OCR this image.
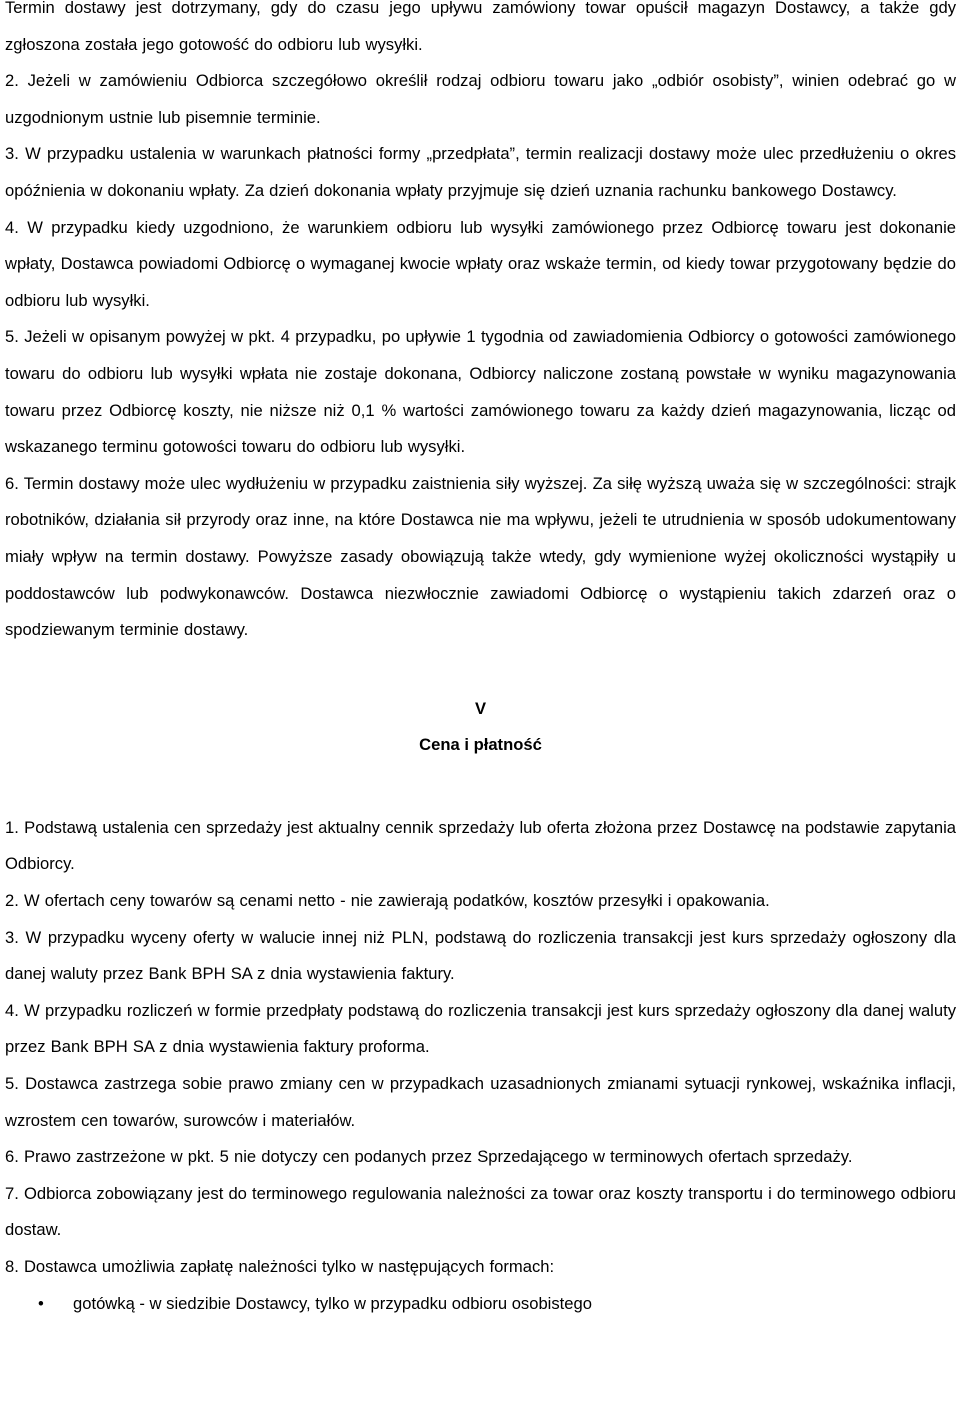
Termin dostawy jest dotrzymany, gdy do czasu jego upływu zamówiony towar opuścił magazyn Dostawcy, a także gdy zgłoszona została jego gotowość do odbioru lub wysyłki.

2. Jeżeli w zamówieniu Odbiorca szczegółowo określił rodzaj odbioru towaru jako „odbiór osobisty”, winien odebrać go w uzgodnionym ustnie lub pisemnie terminie.

3. W przypadku ustalenia w warunkach płatności formy „przedpłata”, termin realizacji dostawy może ulec przedłużeniu o okres opóźnienia w dokonaniu wpłaty. Za dzień dokonania wpłaty przyjmuje się dzień uznania rachunku bankowego Dostawcy.

4. W przypadku kiedy uzgodniono, że warunkiem odbioru lub wysyłki zamówionego przez Odbiorcę towaru jest dokonanie wpłaty, Dostawca powiadomi Odbiorcę o wymaganej kwocie wpłaty oraz wskaże termin, od kiedy towar przygotowany będzie do odbioru lub wysyłki.

5. Jeżeli w opisanym powyżej w pkt. 4 przypadku, po upływie 1 tygodnia od zawiadomienia Odbiorcy o gotowości zamówionego towaru do odbioru lub wysyłki wpłata nie zostaje dokonana, Odbiorcy naliczone zostaną powstałe w wyniku magazynowania towaru przez Odbiorcę koszty, nie niższe niż 0,1 % wartości zamówionego towaru za każdy dzień magazynowania, licząc od wskazanego terminu gotowości towaru do odbioru lub wysyłki.

6. Termin dostawy może ulec wydłużeniu w przypadku zaistnienia siły wyższej. Za siłę wyższą uważa się w szczególności: strajk robotników, działania sił przyrody oraz inne, na które Dostawca nie ma wpływu, jeżeli te utrudnienia w sposób udokumentowany miały wpływ na termin dostawy. Powyższe zasady obowiązują także wtedy, gdy wymienione wyżej okoliczności wystąpiły u poddostawców lub podwykonawców. Dostawca niezwłocznie zawiadomi Odbiorcę o wystąpieniu takich zdarzeń oraz o spodziewanym terminie dostawy.

V

Cena i płatność

1. Podstawą ustalenia cen sprzedaży jest aktualny cennik sprzedaży lub oferta złożona przez Dostawcę na podstawie zapytania Odbiorcy.

2. W ofertach ceny towarów są cenami netto - nie zawierają podatków, kosztów przesyłki i opakowania.

3. W przypadku wyceny oferty w walucie innej niż PLN, podstawą do rozliczenia transakcji jest kurs sprzedaży ogłoszony dla danej waluty przez Bank BPH SA z dnia wystawienia faktury.

4. W przypadku rozliczeń w formie przedpłaty podstawą do rozliczenia transakcji jest kurs sprzedaży ogłoszony dla danej waluty przez Bank BPH SA z dnia wystawienia faktury proforma.

5. Dostawca zastrzega sobie prawo zmiany cen w przypadkach uzasadnionych zmianami sytuacji rynkowej, wskaźnika inflacji, wzrostem cen towarów, surowców i materiałów.

6. Prawo zastrzeżone w pkt. 5 nie dotyczy cen podanych przez Sprzedającego w terminowych ofertach sprzedaży.

7. Odbiorca zobowiązany jest do terminowego regulowania należności za towar oraz koszty transportu i do terminowego odbioru dostaw.

8. Dostawca umożliwia zapłatę należności tylko w następujących formach:

• gotówką - w siedzibie Dostawcy, tylko w przypadku odbioru osobistego
